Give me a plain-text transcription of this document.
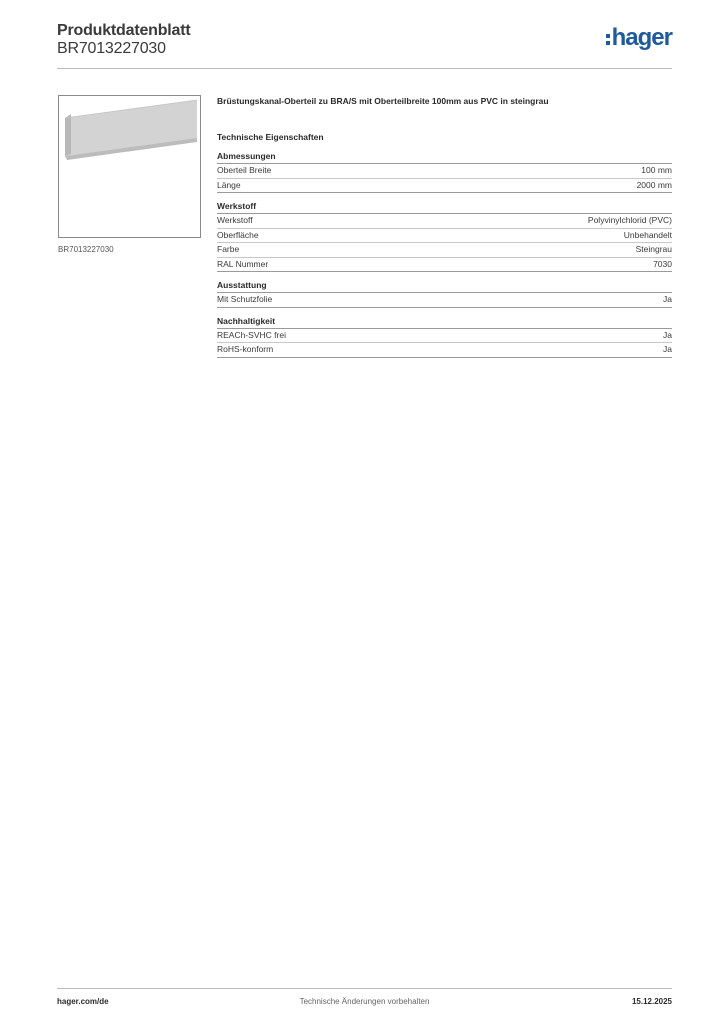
Produktdatenblatt
BR7013227030	hager
BR7013227030
Brüstungskanal-Oberteil zu BRA/S mit Oberteilbreite 100mm aus PVC in steingrau
Technische Eigenschaften
Abmessungen
Oberteil Breite	100 mm
Länge	2000 mm
Werkstoff
Werkstoff	Polyvinylchlorid (PVC)
Oberfläche	Unbehandelt
Farbe	Steingrau
RAL Nummer	7030
Ausstattung
Mit Schutzfolie	Ja
Nachhaltigkeit
REACh-SVHC frei	Ja
RoHS-konform	Ja
hager.com/de	Technische Änderungen vorbehalten	15.12.2025
